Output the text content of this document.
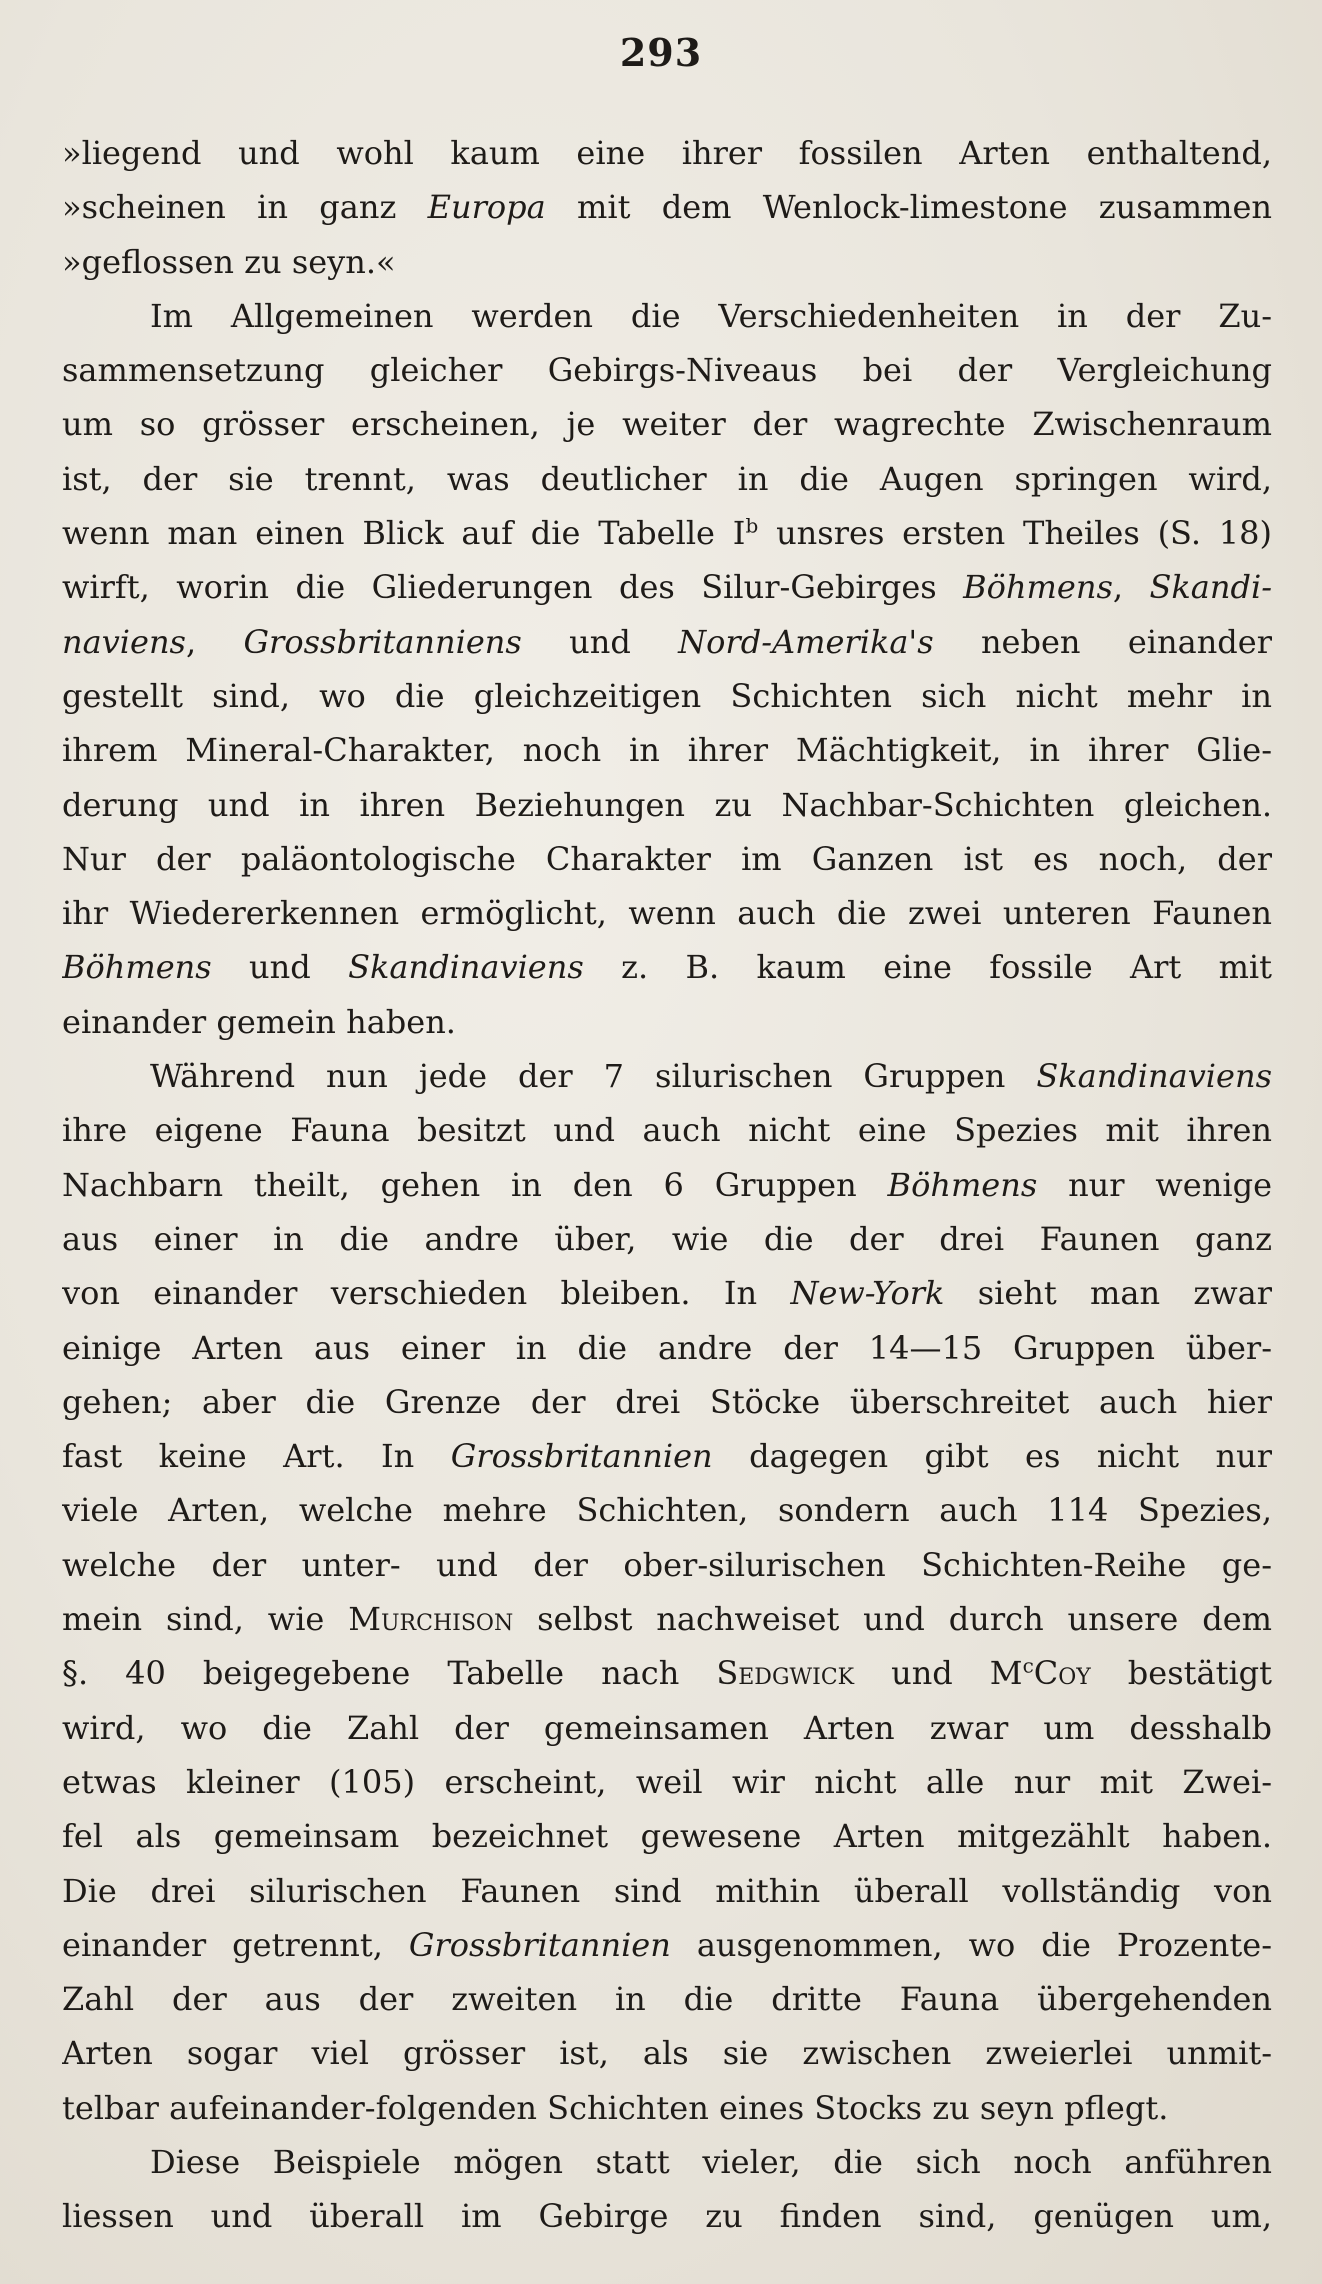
293
»liegend und wohl kaum eine ihrer fossilen Arten enthaltend,
»scheinen in ganz Europa mit dem Wenlock-limestone zusammen
»geflossen zu seyn.«
Im Allgemeinen werden die Verschiedenheiten in der Zu-
sammensetzung gleicher Gebirgs-Niveaus bei der Vergleichung
um so grösser erscheinen, je weiter der wagrechte Zwischenraum
ist, der sie trennt, was deutlicher in die Augen springen wird,
wenn man einen Blick auf die Tabelle $I^b$ unsres ersten Theiles (S. 18)
wirft, worin die Gliederungen des Silur-Gebirges Böhmens, Skandi-
naviens, Grossbritanniens und Nord-Amerika's neben einander
gestellt sind, wo die gleichzeitigen Schichten sich nicht mehr in
ihrem Mineral-Charakter, noch in ihrer Mächtigkeit, in ihrer Glie-
derung und in ihren Beziehungen zu Nachbar-Schichten gleichen.
Nur der paläontologische Charakter im Ganzen ist es noch, der
ihr Wiedererkennen ermöglicht, wenn auch die zwei unteren Faunen
Böhmens und Skandinaviens z. B. kaum eine fossile Art mit
einander gemein haben.
Während nun jede der 7 silurischen Gruppen Skandinaviens
ihre eigene Fauna besitzt und auch nicht eine Spezies mit ihren
Nachbarn theilt, gehen in den 6 Gruppen Böhmens nur wenige
aus einer in die andre über, wie die der drei Faunen ganz
von einander verschieden bleiben. In New-York sieht man zwar
einige Arten aus einer in die andre der 14—15 Gruppen über-
gehen; aber die Grenze der drei Stöcke überschreitet auch hier
fast keine Art. In Grossbritannien dagegen gibt es nicht nur
viele Arten, welche mehre Schichten, sondern auch 114 Spezies,
welche der unter- und der ober-silurischen Schichten-Reihe ge-
mein sind, wie Murchison selbst nachweiset und durch unsere dem
§. 40 beigegebene Tabelle nach Sedgwick und $M^cCoy$ bestätigt
wird, wo die Zahl der gemeinsamen Arten zwar um desshalb
etwas kleiner (105) erscheint, weil wir nicht alle nur mit Zwei-
fel als gemeinsam bezeichnet gewesene Arten mitgezählt haben.
Die drei silurischen Faunen sind mithin überall vollständig von
einander getrennt, Grossbritannien ausgenommen, wo die Prozente-
Zahl der aus der zweiten in die dritte Fauna übergehenden
Arten sogar viel grösser ist, als sie zwischen zweierlei unmit-
telbar aufeinander-folgenden Schichten eines Stocks zu seyn pflegt.
Diese Beispiele mögen statt vieler, die sich noch anführen
liessen und überall im Gebirge zu finden sind, genügen um,
